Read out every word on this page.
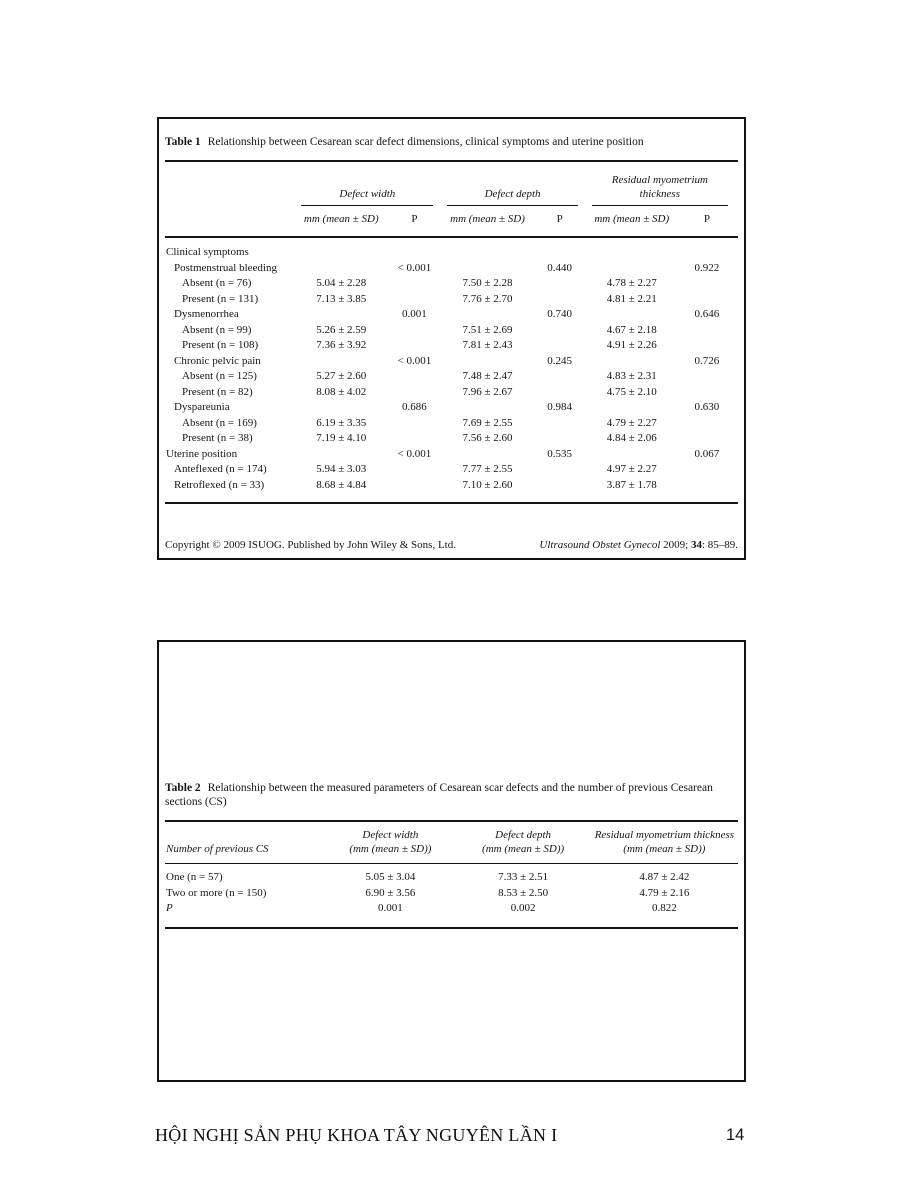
Table 1 Relationship between Cesarean scar defect dimensions, clinical symptoms and uterine position

	Defect width		Defect depth		Residual myometrium thickness	

	mm (mean ± SD)	P	mm (mean ± SD)	P	mm (mean ± SD)	P
Clinical symptoms						
Postmenstrual bleeding		< 0.001		0.440		0.922
Absent (n = 76)	5.04 ± 2.28		7.50 ± 2.28		4.78 ± 2.27	
Present (n = 131)	7.13 ± 3.85		7.76 ± 2.70		4.81 ± 2.21	
Dysmenorrhea		0.001		0.740		0.646
Absent (n = 99)	5.26 ± 2.59		7.51 ± 2.69		4.67 ± 2.18	
Present (n = 108)	7.36 ± 3.92		7.81 ± 2.43		4.91 ± 2.26	
Chronic pelvic pain		< 0.001		0.245		0.726
Absent (n = 125)	5.27 ± 2.60		7.48 ± 2.47		4.83 ± 2.31	
Present (n = 82)	8.08 ± 4.02		7.96 ± 2.67		4.75 ± 2.10	
Dyspareunia		0.686		0.984		0.630
Absent (n = 169)	6.19 ± 3.35		7.69 ± 2.55		4.79 ± 2.27	
Present (n = 38)	7.19 ± 4.10		7.56 ± 2.60		4.84 ± 2.06	
Uterine position		< 0.001		0.535		0.067
Anteflexed (n = 174)	5.94 ± 3.03		7.77 ± 2.55		4.97 ± 2.27	
Retroflexed (n = 33)	8.68 ± 4.84		7.10 ± 2.60		3.87 ± 1.78	
Copyright © 2009 ISUOG. Published by John Wiley & Sons, Ltd.	Ultrasound Obstet Gynecol 2009; 34: 85–89.
Table 2 Relationship between the measured parameters of Cesarean scar defects and the number of previous Cesarean sections (CS)
Number of previous CS	
Defect width
(mm (mean ± SD))

Defect depth
(mm (mean ± SD))

Residual myometrium thickness
(mm (mean ± SD))

One (n = 57)	5.05 ± 3.04	7.33 ± 2.51	4.87 ± 2.42
Two or more (n = 150)	6.90 ± 3.56	8.53 ± 2.50	4.79 ± 2.16
P	0.001	0.002	0.822
HỘI NGHỊ SẢN PHỤ KHOA TÂY NGUYÊN LẦN I	14
